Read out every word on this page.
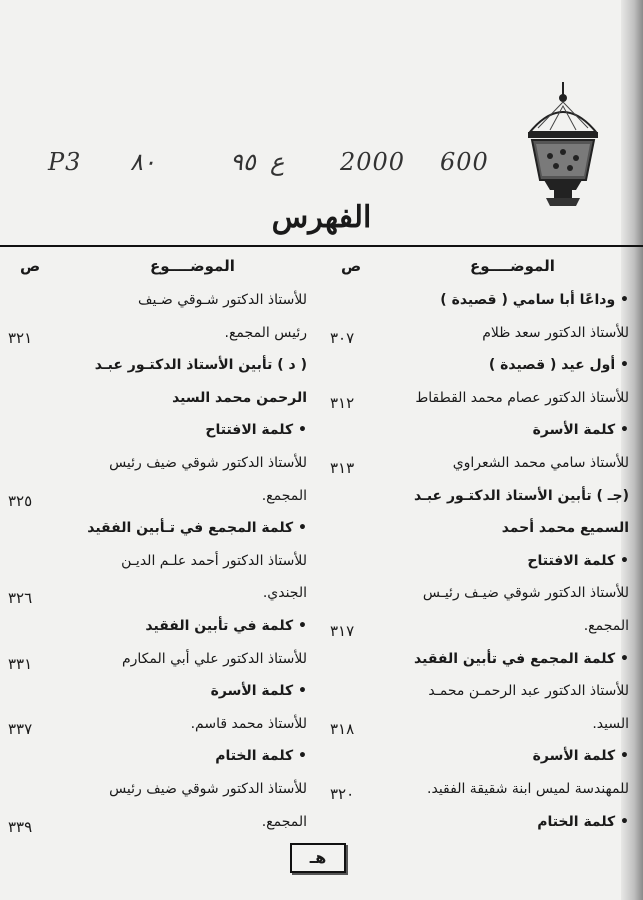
P3 ٨٠	٩٥ ع 2000 600
الفهرس
الموضــــوع
ص
الموضــــوع
ص
• وداعًا أبا سامي ( قصيدة )
للأستاذ الدكتور سعد ظلام
٣٠٧
• أول عيد ( قصيدة )
للأستاذ الدكتور عصام محمد القطقاط
٣١٢
• كلمة الأسرة
للأستاذ سامي محمد الشعراوي
٣١٣
(جـ ) تأبين الأستاذ الدكتـور عبـد
السميع محمد أحمد
• كلمة الافتتاح
للأستاذ الدكتور شوقي ضيـف رئيـس
المجمع.
٣١٧
• كلمة المجمع في تأبين الفقيد
للأستاذ الدكتور عبد الرحمـن محمـد
السيد.
٣١٨
• كلمة الأسرة
للمهندسة لميس ابنة شقيقة الفقيد.
٣٢٠
• كلمة الختام
للأستاذ الدكتور شـوقي ضـيف
رئيس المجمع.
٣٢١
( د ) تأبين الأستاذ الدكتـور عبـد
الرحمن محمد السيد
• كلمة الافتتاح
للأستاذ الدكتور شوقي ضيف رئيس
المجمع.
٣٢٥
• كلمة المجمع في تـأبين الفقيد
للأستاذ الدكتور أحمد علـم الديـن
الجندي.
٣٢٦
• كلمة في تأبين الفقيد
للأستاذ الدكتور علي أبي المكارم
٣٣١
• كلمة الأسرة
للأستاذ محمد قاسم.
٣٣٧
• كلمة الختام
للأستاذ الدكتور شوقي ضيف رئيس
المجمع.
٣٣٩
هـ
